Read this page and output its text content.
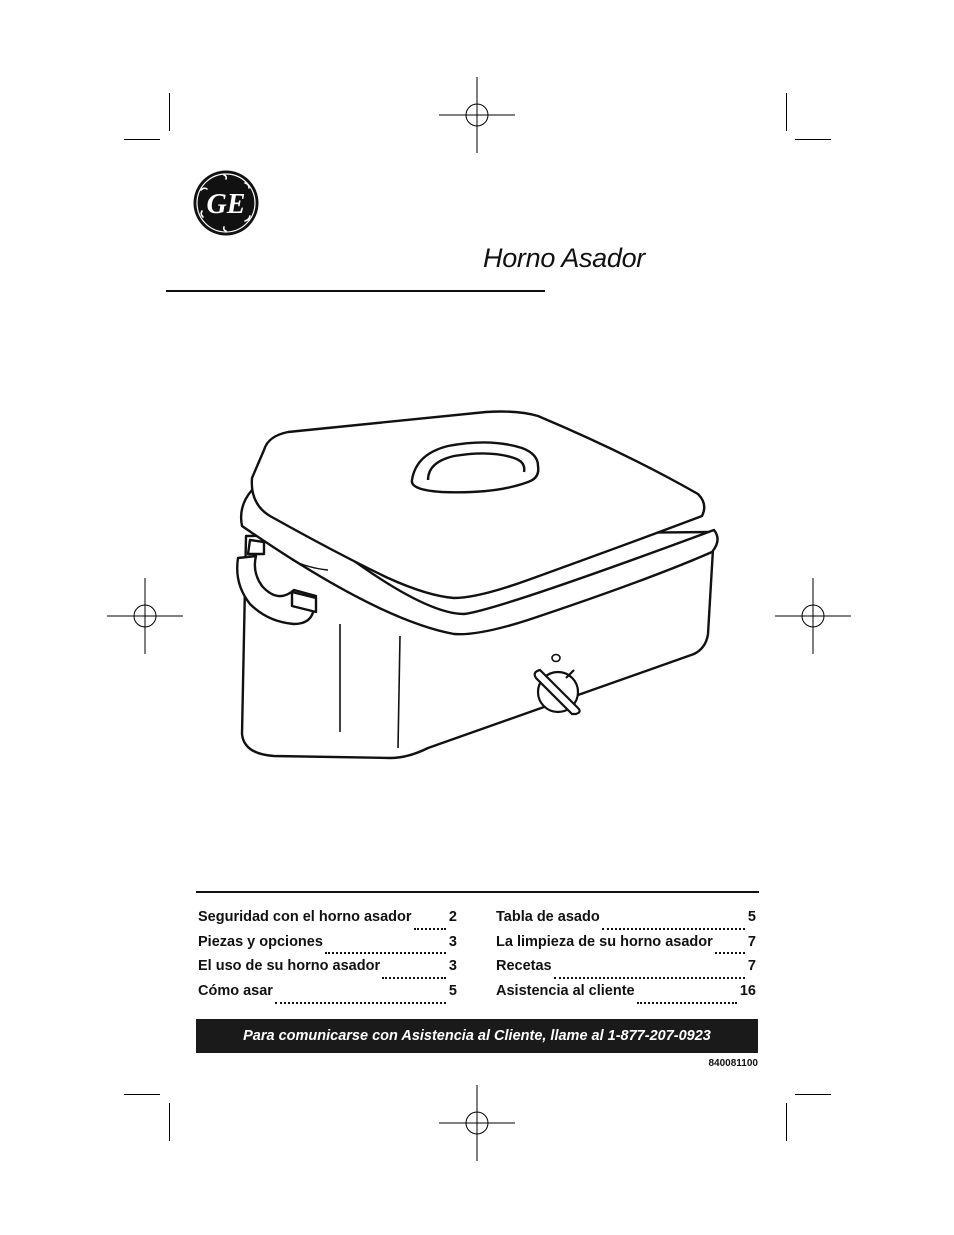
GE
Horno Asador
Seguridad con el horno asador	2
Piezas y opciones	3
El uso de su horno asador	3
Cómo asar	5
Tabla de asado	5
La limpieza de su horno asador 7
Recetas	7
Asistencia al cliente	16
Para comunicarse con Asistencia al Cliente, llame al 1-877-207-0923
840081100
